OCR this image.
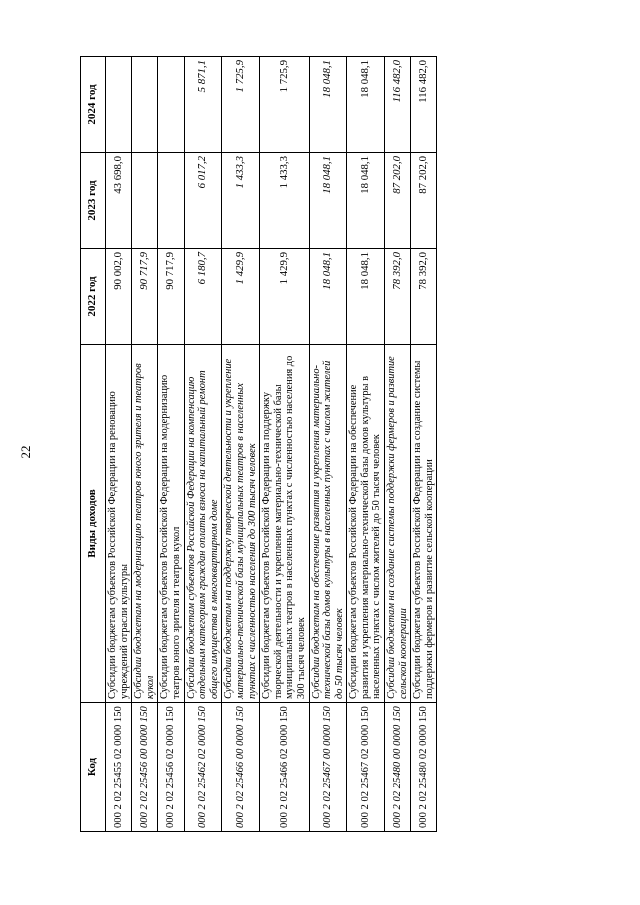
22
Код	Виды доходов	2022 год	2023 год	2024 год
000 2 02 25455 02 0000 150	Субсидии бюджетам субъектов Российской Федерации на реновацию учреждений отрасли культуры	90 002,0	43 698,0	
000 2 02 25456 00 0000 150	Субсидии бюджетам на модернизацию театров юного зрителя и театров кукол	90 717,9		
000 2 02 25456 02 0000 150	Субсидии бюджетам субъектов Российской Федерации на модернизацию театров юного зрителя и театров кукол	90 717,9		
000 2 02 25462 02 0000 150	Субсидии бюджетам субъектов Российской Федерации на компенсацию отдельным категориям граждан оплаты взноса на капитальный ремонт общего имущества в многоквартирном доме	6 180,7	6 017,2	5 871,1
000 2 02 25466 00 0000 150	Субсидии бюджетам на поддержку творческой деятельности и укрепление материально-технической базы муниципальных театров в населенных пунктах с численностью населения до 300 тысяч человек	1 429,9	1 433,3	1 725,9
000 2 02 25466 02 0000 150	Субсидии бюджетам субъектов Российской Федерации на поддержку творческой деятельности и укрепление материально-технической базы муниципальных театров в населенных пунктах с численностью населения до 300 тысяч человек	1 429,9	1 433,3	1 725,9
000 2 02 25467 00 0000 150	Субсидии бюджетам на обеспечение развития и укрепления материально-технической базы домов культуры в населенных пунктах с числом жителей до 50 тысяч человек	18 048,1	18 048,1	18 048,1
000 2 02 25467 02 0000 150	Субсидии бюджетам субъектов Российской Федерации на обеспечение развития и укрепления материально-технической базы домов культуры в населенных пунктах с числом жителей до 50 тысяч человек	18 048,1	18 048,1	18 048,1
000 2 02 25480 00 0000 150	Субсидии бюджетам на создание системы поддержки фермеров и развитие сельской кооперации	78 392,0	87 202,0	116 482,0
000 2 02 25480 02 0000 150	Субсидии бюджетам субъектов Российской Федерации на создание системы поддержки фермеров и развитие сельской кооперации	78 392,0	87 202,0	116 482,0
